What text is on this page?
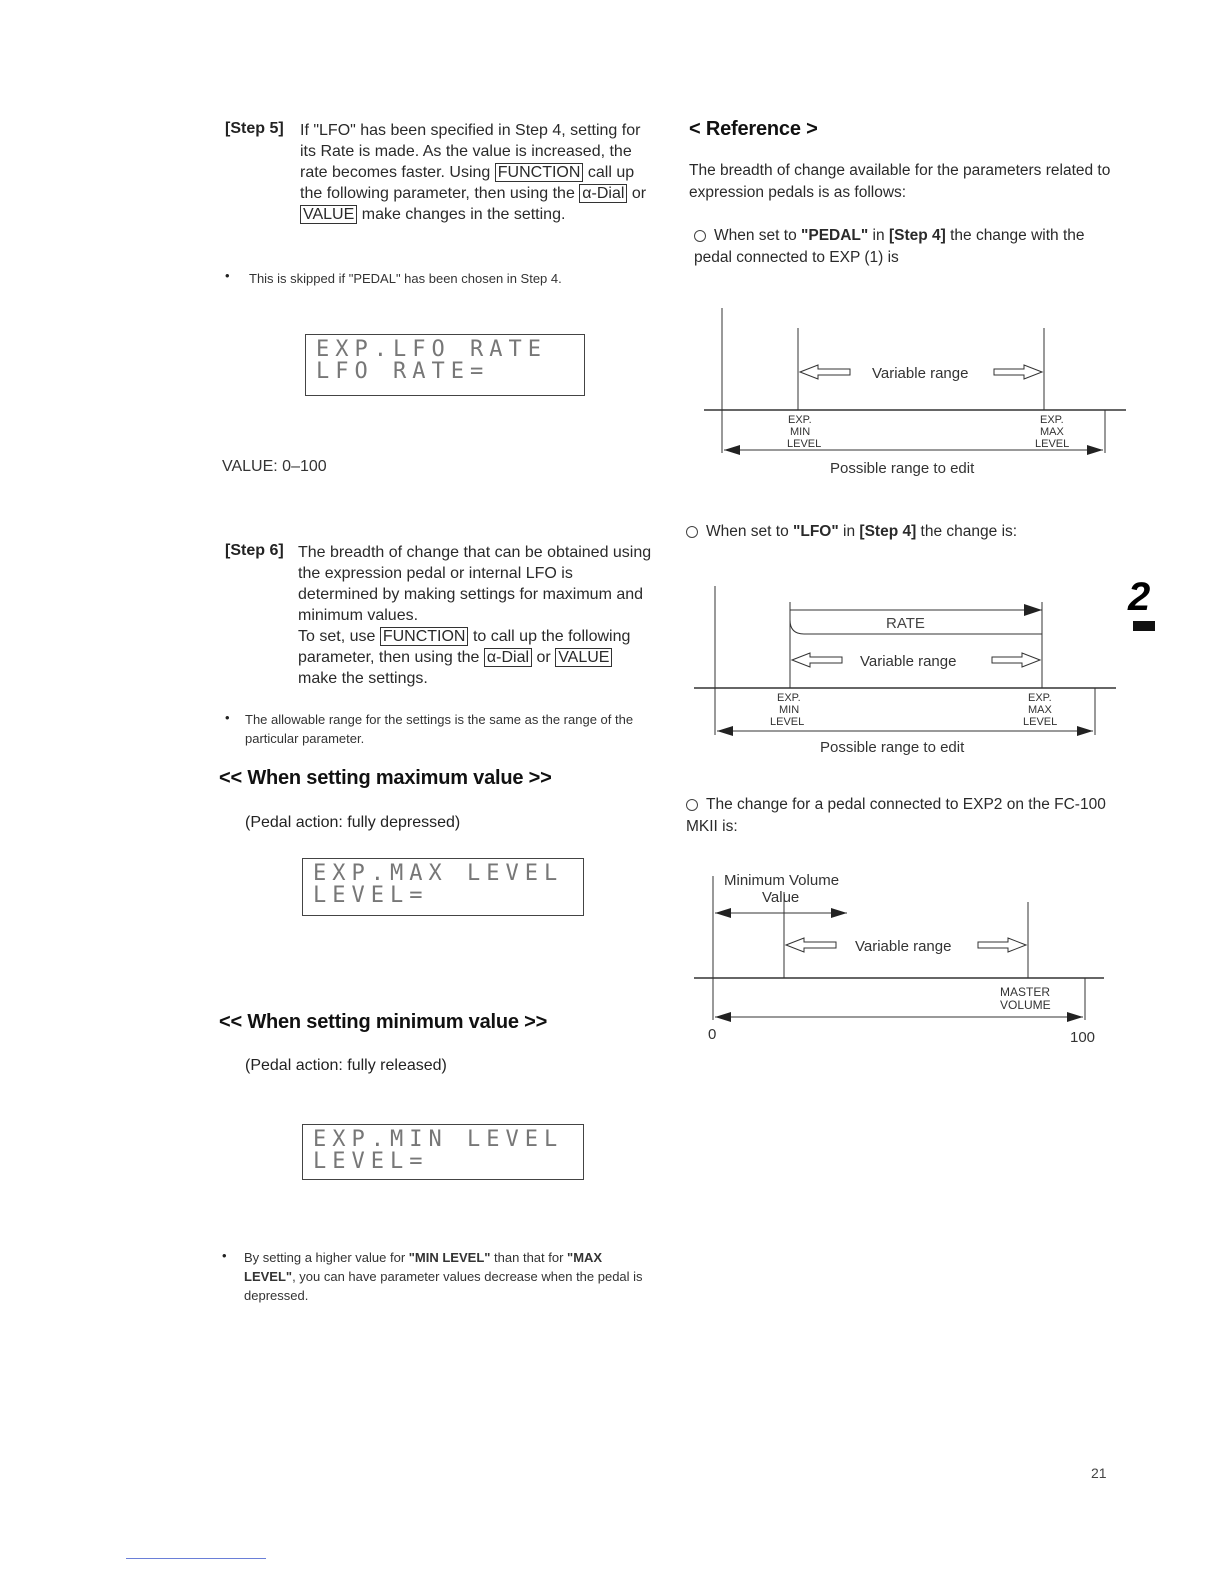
[Step 5] If "LFO" has been specified in Step 4, setting for its Rate is made. As the value is increased, the rate becomes faster. Using FUNCTION call up the following parameter, then using the α-Dial or VALUE make changes in the setting.
• This is skipped if "PEDAL" has been chosen in Step 4.
EXP.LFO RATE
LFO RATE=
VALUE: 0–100
[Step 6] The breadth of change that can be obtained using the expression pedal or internal LFO is determined by making settings for maximum and minimum values.
To set, use FUNCTION to call up the following parameter, then using the α-Dial or VALUE make the settings.
• The allowable range for the settings is the same as the range of the particular parameter.
<< When setting maximum value >>
(Pedal action: fully depressed)
EXP.MAX LEVEL
LEVEL=
<< When setting minimum value >>
(Pedal action: fully released)
EXP.MIN LEVEL
LEVEL=
• By setting a higher value for "MIN LEVEL" than that for "MAX LEVEL", you can have parameter values decrease when the pedal is depressed.
< Reference >
The breadth of change available for the parameters related to expression pedals is as follows:
When set to "PEDAL" in [Step 4] the change with the pedal connected to EXP (1) is
Variable range
EXP.
MIN
LEVEL
EXP.
MAX
LEVEL
Possible range to edit
When set to "LFO" in [Step 4] the change is:
RATE
Variable range
EXP.
MIN
LEVEL
EXP.
MAX
LEVEL
Possible range to edit
The change for a pedal connected to EXP2 on the FC-100 MKII is:
Minimum Volume
Value
Variable range
MASTER
VOLUME
0	100
2
21
